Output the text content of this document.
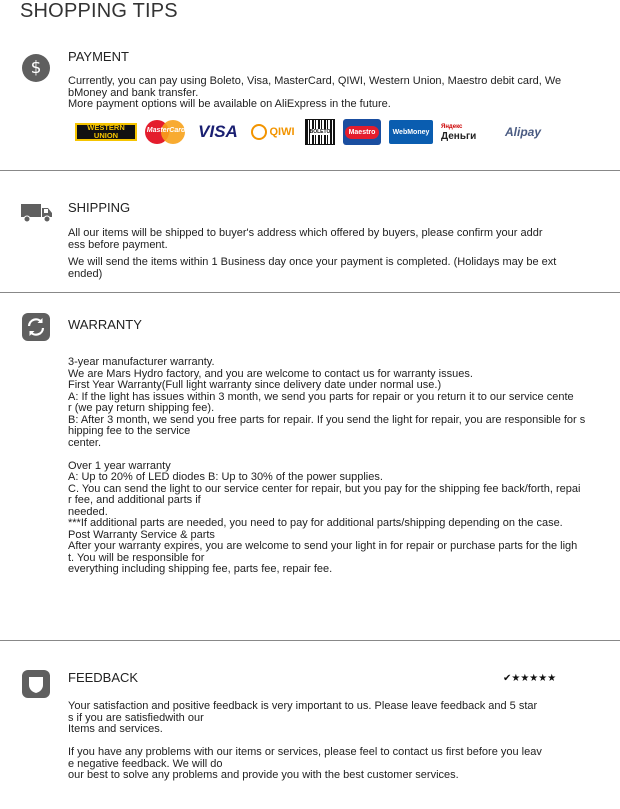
SHOPPING TIPS
$
PAYMENT
Currently, you can pay using Boleto, Visa, MasterCard, QIWI, Western Union, Maestro debit card, We
bMoney and bank transfer.
More payment options will be available on AliExpress in the future.
WESTERN
UNION
MasterCard VISA	QIWI	BOLETO	Maestro	WebMoney
Яндекс
Деньги	Alipay
SHIPPING
All our items will be shipped to buyer's address which offered by buyers, please confirm your addr
ess before payment.
We will send the items within 1 Business day once your payment is completed. (Holidays may be ext
ended)
WARRANTY
3-year manufacturer warranty.
We are Mars Hydro factory, and you are welcome to contact us for warranty issues.
First Year Warranty(Full light warranty since delivery date under normal use.)
A: If the light has issues within 3 month, we send you parts for repair or you return it to our service cente
r (we pay return shipping fee).
B: After 3 month, we send you free parts for repair. If you send the light for repair, you are responsible for s
hipping fee to the service
center.

Over 1 year warranty
A: Up to 20% of LED diodes B: Up to 30% of the power supplies.
C. You can send the light to our service center for repair, but you pay for the shipping fee back/forth, repai
r fee, and additional parts if
needed.
***If additional parts are needed, you need to pay for additional parts/shipping depending on the case.
Post Warranty Service & parts
After your warranty expires, you are welcome to send your light in for repair or purchase parts for the ligh
t. You will be responsible for
everything including shipping fee, parts fee, repair fee.
FEEDBACK	✔★★★★★
Your satisfaction and positive feedback is very important to us. Please leave feedback and 5 star
s if you are satisfiedwith our
Items and services.
If you have any problems with our items or services, please feel to contact us first before you leav
e negative feedback. We will do
our best to solve any problems and provide you with the best customer services.
